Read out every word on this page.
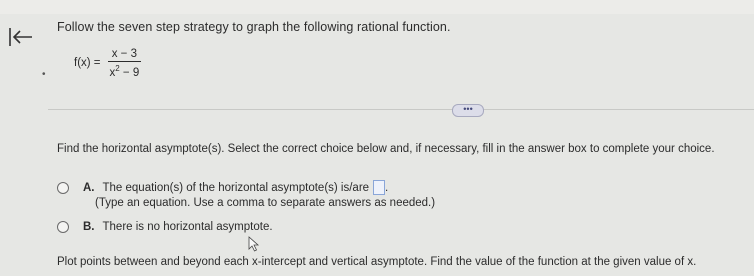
Follow the seven step strategy to graph the following rational function.
•
$f(x) = \frac{x - 3}{x^2 - 9}$
•••
Find the horizontal asymptote(s). Select the correct choice below and, if necessary, fill in the answer box to complete your choice.
A. The equation(s) of the horizontal asymptote(s) is/are .
(Type an equation. Use a comma to separate answers as needed.)
B. There is no horizontal asymptote.
Plot points between and beyond each x-intercept and vertical asymptote. Find the value of the function at the given value of x.
